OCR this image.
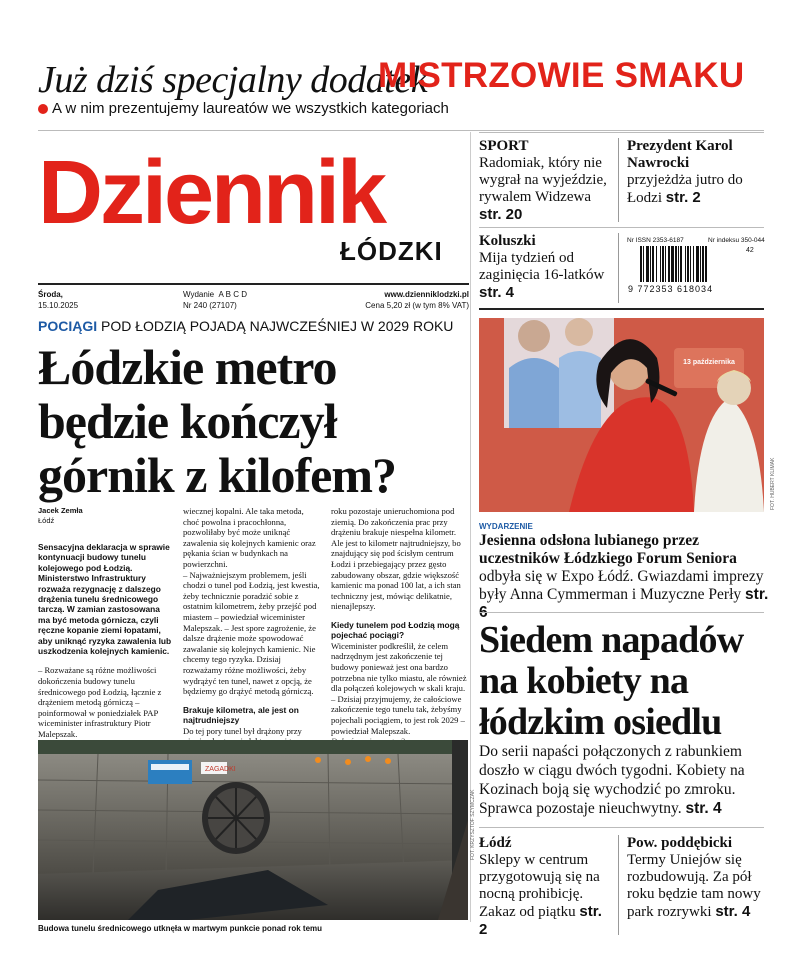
Już dziś specjalny dodatek
MISTRZOWIE SMAKU
A w nim prezentujemy laureatów we wszystkich kategoriach
Dziennik
ŁÓDZKI
Środa,
15.10.2025
Wydanie A B C D
Nr 240 (27107)
www.dzienniklodzki.pl
Cena 5,20 zł (w tym 8% VAT)
SPORT
Radomiak, który nie wygrał na wyjeździe, rywalem Widzewa str. 20
Prezydent Karol Nawrocki
przyjeżdża jutro do Łodzi str. 2
Koluszki
Mija tydzień od zaginięcia 16-latków str. 4
Nr ISSN 2353-6187	Nr indeksu 350-044
42
9 772353 618034
POCIĄGI POD ŁODZIĄ POJADĄ NAJWCZEŚNIEJ W 2029 ROKU
Łódzkie metro będzie kończył górnik z kilofem?
Jacek Zemła
Łódź
Sensacyjna deklaracja w sprawie kontynuacji budowy tunelu kolejowego pod Łodzią. Ministerstwo Infrastruktury rozważa rezygnację z dalszego drążenia tunelu średnicowego tarczą. W zamian zastosowana ma być metoda górnicza, czyli ręczne kopanie ziemi łopatami, aby uniknąć ryzyka zawalenia lub uszkodzenia kolejnych kamienic.
– Rozważane są różne możliwości dokończenia budowy tunelu średnicowego pod Łodzią, łącznie z drążeniem metodą górniczą – poinformował w poniedziałek PAP wiceminister infrastruktury Piotr Malepszak.

wiecznej kopalni. Ale taka metoda, choć powolna i pracochłonna, pozwoliłaby być może uniknąć zawalenia się kolejnych kamienic oraz pękania ścian w budynkach na powierzchni.
– Najważniejszym problemem, jeśli chodzi o tunel pod Łodzią, jest kwestia, żeby technicznie poradzić sobie z ostatnim kilometrem, żeby przejść pod miastem – powiedział wiceminister Malepszak. – Jest spore zagrożenie, że dalsze drążenie może spowodować zawalanie się kolejnych kamienic. Nie chcemy tego ryzyka. Dzisiaj rozważamy różne możliwości, żeby wydrążyć ten tunel, nawet z opcją, że będziemy go drążyć metodą górniczą.
Brakuje kilometra, ale jest on najtrudniejszy
Do tej pory tunel był drążony przy
roku pozostaje unieruchomiona pod ziemią. Do zakończenia prac przy drążeniu brakuje niespełna kilometr. Ale jest to kilometr najtrudniejszy, bo znajdujący się pod ścisłym centrum Łodzi i przebiegający przez gęsto zabudowany obszar, gdzie większość kamienic ma ponad 100 lat, a ich stan techniczny jest, mówiąc delikatnie, nienajlepszy.
Kiedy tunelem pod Łodzią mogą pojechać pociągi?
Wiceminister podkreślił, że celem nadrzędnym jest zakończenie tej budowy ponieważ jest ona bardzo potrzebna nie tylko miastu, ale również dla połączeń kolejowych w skali kraju.
– Dzisiaj przyjmujemy, że całościowe zakończenie tego tunelu tak, żebyśmy pojechali pociągiem, to jest rok 2029 – powiedział Malepszak.
ZAGADKI
FOT. KRZYSZTOF SZYMCZAK
Budowa tunelu średnicowego utknęła w martwym punkcie ponad rok temu
13 października
FOT. HUBERT KLIMAK
WYDARZENIE
Jesienna odsłona lubianego przez uczestników Łódzkiego Forum Seniora
odbyła się w Expo Łódź. Gwiazdami imprezy były Anna Cymmerman i Muzyczne Perły str.
Siedem napadów na kobiety na łódzkim osiedlu
Do serii napaści połączonych z rabunkiem doszło w ciągu dwóch tygodni. Kobiety na Kozinach boją się wychodzić po zmroku. Sprawca pozostaje nieuchwytny. str. 4
Łódź
Sklepy w centrum przygotowują się na nocną prohibicję. Zakaz od piątku str. 2
Pow. poddębicki
Termy Uniejów się rozbudowują. Za pół roku będzie tam nowy park rozrywki str. 4
